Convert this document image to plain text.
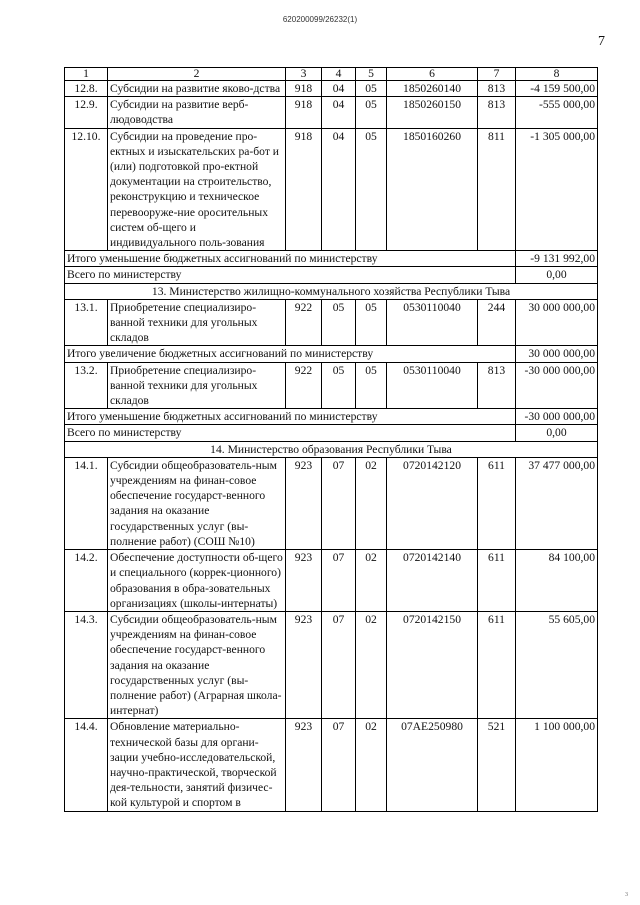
620200099/26232(1)
7
1	2	3	4	5	6	7	8
12.8.	Субсидии на развитие яково-дства	918	04	05	1850260140	813	-4 159 500,00
12.9.	Субсидии на развитие верб-людоводства	918	04	05	1850260150	813	-555 000,00
12.10.	Субсидии на проведение про-ектных и изыскательских ра-бот и (или) подготовкой про-ектной документации на строительство, реконструкцию и техническое перевооруже-ние оросительных систем об-щего и индивидуального поль-зования	918	04	05	1850160260	811	-1 305 000,00
Итого уменьшение бюджетных ассигнований по министерству							-9 131 992,00
Всего по министерству							0,00
13. Министерство жилищно-коммунального хозяйства Республики Тыва							
13.1.	Приобретение специализиро-ванной техники для угольных складов	922	05	05	0530110040	244	30 000 000,00
Итого увеличение бюджетных ассигнований по министерству							30 000 000,00
13.2.	Приобретение специализиро-ванной техники для угольных складов	922	05	05	0530110040	813	-30 000 000,00
Итого уменьшение бюджетных ассигнований по министерству							-30 000 000,00
Всего по министерству							0,00
14. Министерство образования Республики Тыва							
14.1.	Субсидии общеобразователь-ным учреждениям на финан-совое обеспечение государст-венного задания на оказание государственных услуг (вы-полнение работ) (СОШ №10)	923	07	02	0720142120	611	37 477 000,00
14.2.	Обеспечение доступности об-щего и специального (коррек-ционного) образования в обра-зовательных организациях (школы-интернаты)	923	07	02	0720142140	611	84 100,00
14.3.	Субсидии общеобразователь-ным учреждениям на финан-совое обеспечение государст-венного задания на оказание государственных услуг (вы-полнение работ) (Аграрная школа-интернат)	923	07	02	0720142150	611	55 605,00
14.4.	Обновление материально-технической базы для органи-зации учебно-исследовательской, научно-практической, творческой дея-тельности, занятий физичес-кой культурой и спортом в	923	07	02	07AE250980	521	1 100 000,00
3
